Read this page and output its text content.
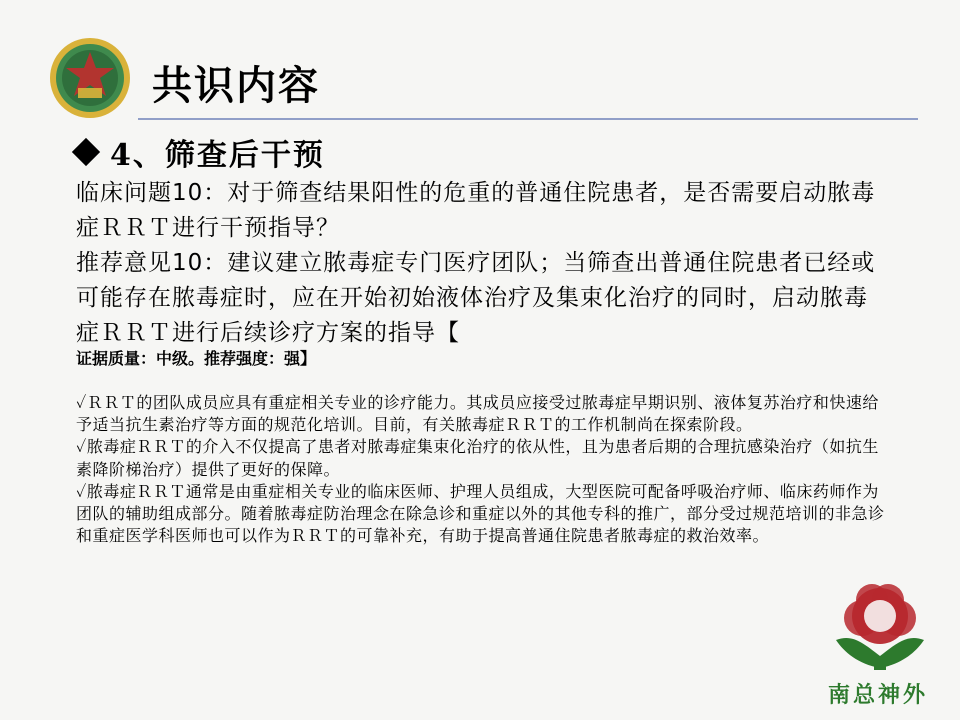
共识内容
4、筛查后干预

临床问题10：对于筛查结果阳性的危重的普通住院患者，是否需要启动脓毒症ＲＲＴ进行干预指导？

推荐意见10：建议建立脓毒症专门医疗团队；当筛查出普通住院患者已经或可能存在脓毒症时，应在开始初始液体治疗及集束化治疗的同时，启动脓毒症ＲＲＴ进行后续诊疗方案的指导【

证据质量：中级。推荐强度：强】

✓ＲＲＴ的团队成员应具有重症相关专业的诊疗能力。其成员应接受过脓毒症早期识别、液体复苏治疗和快速给予适当抗生素治疗等方面的规范化培训。目前，有关脓毒症ＲＲＴ的工作机制尚在探索阶段。

✓脓毒症ＲＲＴ的介入不仅提高了患者对脓毒症集束化治疗的依从性，且为患者后期的合理抗感染治疗（如抗生素降阶梯治疗）提供了更好的保障。

✓脓毒症ＲＲＴ通常是由重症相关专业的临床医师、护理人员组成，大型医院可配备呼吸治疗师、临床药师作为团队的辅助组成部分。随着脓毒症防治理念在除急诊和重症以外的其他专科的推广，部分受过规范培训的非急诊和重症医学科医师也可以作为ＲＲＴ的可靠补充，有助于提高普通住院患者脓毒症的救治效率。

南总神外
